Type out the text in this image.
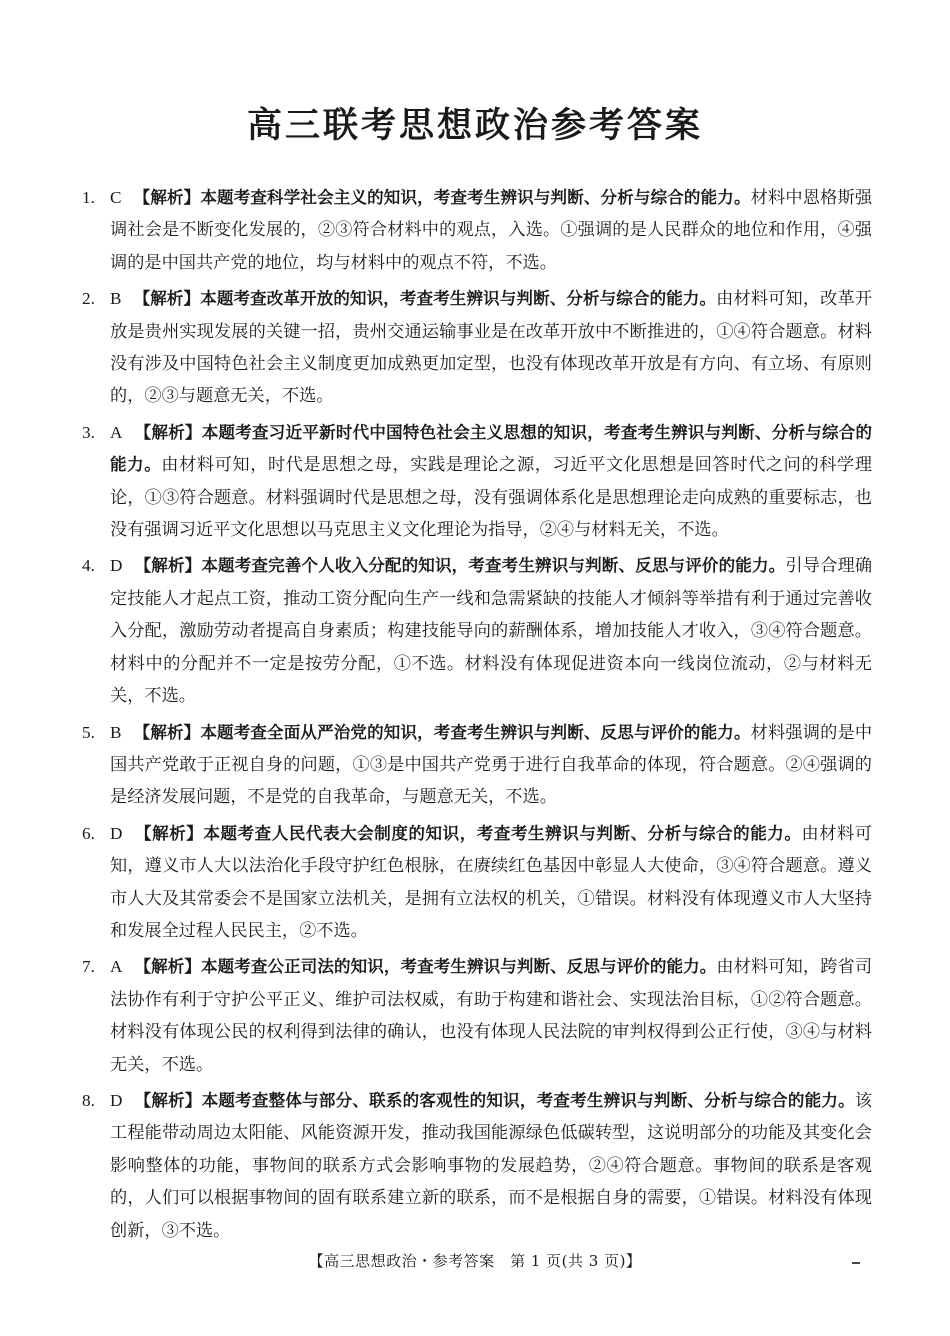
高三联考思想政治参考答案
1. C 【解析】本题考查科学社会主义的知识，考查考生辨识与判断、分析与综合的能力。材料中恩格斯强调社会是不断变化发展的，②③符合材料中的观点，入选。①强调的是人民群众的地位和作用，④强调的是中国共产党的地位，均与材料中的观点不符，不选。
2. B 【解析】本题考查改革开放的知识，考查考生辨识与判断、分析与综合的能力。由材料可知，改革开放是贵州实现发展的关键一招，贵州交通运输事业是在改革开放中不断推进的，①④符合题意。材料没有涉及中国特色社会主义制度更加成熟更加定型，也没有体现改革开放是有方向、有立场、有原则的，②③与题意无关，不选。
3. A 【解析】本题考查习近平新时代中国特色社会主义思想的知识，考查考生辨识与判断、分析与综合的能力。由材料可知，时代是思想之母，实践是理论之源，习近平文化思想是回答时代之问的科学理论，①③符合题意。材料强调时代是思想之母，没有强调体系化是思想理论走向成熟的重要标志，也没有强调习近平文化思想以马克思主义文化理论为指导，②④与材料无关，不选。
4. D 【解析】本题考查完善个人收入分配的知识，考查考生辨识与判断、反思与评价的能力。引导合理确定技能人才起点工资，推动工资分配向生产一线和急需紧缺的技能人才倾斜等举措有利于通过完善收入分配，激励劳动者提高自身素质；构建技能导向的薪酬体系，增加技能人才收入，③④符合题意。材料中的分配并不一定是按劳分配，①不选。材料没有体现促进资本向一线岗位流动，②与材料无关，不选。
5. B 【解析】本题考查全面从严治党的知识，考查考生辨识与判断、反思与评价的能力。材料强调的是中国共产党敢于正视自身的问题，①③是中国共产党勇于进行自我革命的体现，符合题意。②④强调的是经济发展问题，不是党的自我革命，与题意无关，不选。
6. D 【解析】本题考查人民代表大会制度的知识，考查考生辨识与判断、分析与综合的能力。由材料可知，遵义市人大以法治化手段守护红色根脉，在赓续红色基因中彰显人大使命，③④符合题意。遵义市人大及其常委会不是国家立法机关，是拥有立法权的机关，①错误。材料没有体现遵义市人大坚持和发展全过程人民民主，②不选。
7. A 【解析】本题考查公正司法的知识，考查考生辨识与判断、反思与评价的能力。由材料可知，跨省司法协作有利于守护公平正义、维护司法权威，有助于构建和谐社会、实现法治目标，①②符合题意。材料没有体现公民的权利得到法律的确认，也没有体现人民法院的审判权得到公正行使，③④与材料无关，不选。
8. D 【解析】本题考查整体与部分、联系的客观性的知识，考查考生辨识与判断、分析与综合的能力。该工程能带动周边太阳能、风能资源开发，推动我国能源绿色低碳转型，这说明部分的功能及其变化会影响整体的功能，事物间的联系方式会影响事物的发展趋势，②④符合题意。事物间的联系是客观的，人们可以根据事物间的固有联系建立新的联系，而不是根据自身的需要，①错误。材料没有体现创新，③不选。
【高三思想政治・参考答案　第 1 页(共 3 页)】
